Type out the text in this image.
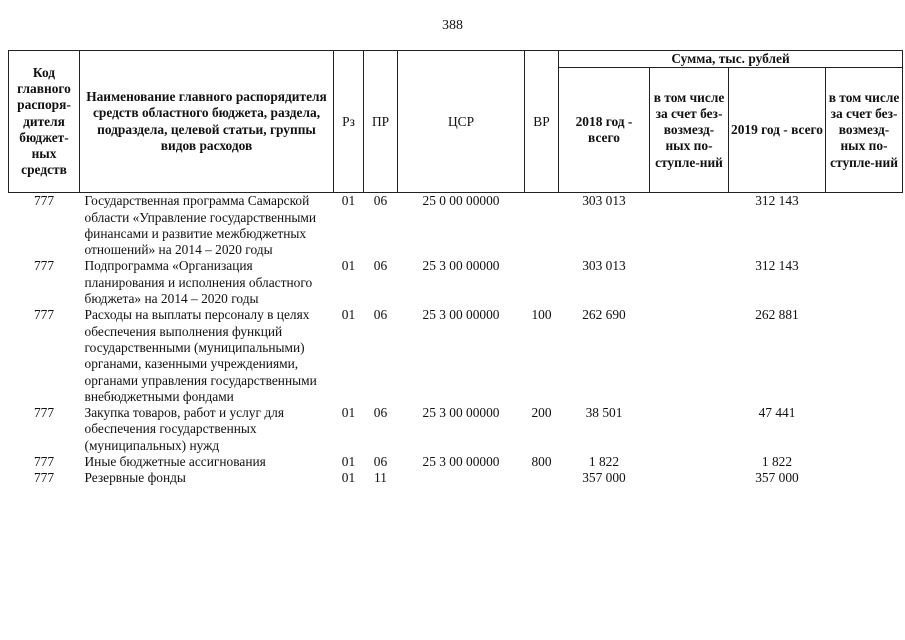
388
Код главного распоря-дителя бюджет-ных средств	Наименование главного распорядителя средств областного бюджета, раздела, подраздела, целевой статьи, группы видов расходов	Рз	ПР	ЦСР	ВР	Сумма, тыс. рублей			
						2018 год - всего	в том числе за счет без-возмезд-ных по-ступле-ний	2019 год - всего	в том числе за счет без-возмезд-ных по-ступле-ний
777	Государственная программа Самарской области «Управление государственными финансами и развитие межбюджетных отношений» на 2014 – 2020 годы	01	06	25 0 00 00000		303 013		312 143	
777	Подпрограмма «Организация планирования и исполнения областного бюджета» на 2014 – 2020 годы	01	06	25 3 00 00000		303 013		312 143	
777	Расходы на выплаты персоналу в целях обеспечения выполнения функций государственными (муниципальными) органами, казенными учреждениями, органами управления государственными внебюджетными фондами	01	06	25 3 00 00000	100	262 690		262 881	
777	Закупка товаров, работ и услуг для обеспечения государственных (муниципальных) нужд	01	06	25 3 00 00000	200	38 501		47 441	
777	Иные бюджетные ассигнования	01	06	25 3 00 00000	800	1 822		1 822	
777	Резервные фонды	01	11			357 000		357 000	
